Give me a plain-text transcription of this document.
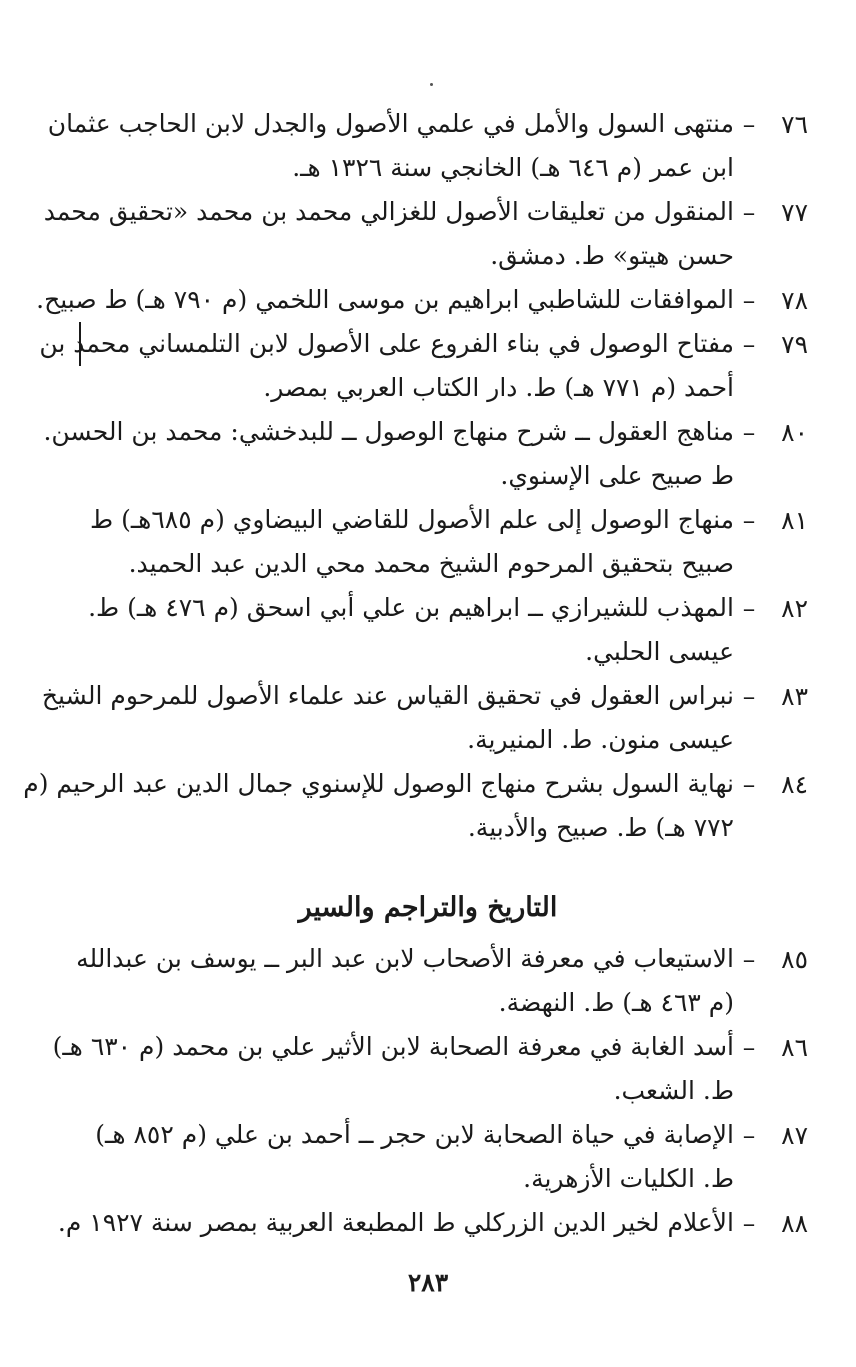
٧٦
–
منتهى السول والأمل في علمي الأصول والجدل لابن الحاجب عثمان
ابن عمر (م ٦٤٦ هـ) الخانجي سنة ١٣٢٦ هـ.
٧٧
–
المنقول من تعليقات الأصول للغزالي محمد بن محمد «تحقيق محمد
حسن هيتو» ط. دمشق.
٧٨
–
الموافقات للشاطبي ابراهيم بن موسى اللخمي (م ٧٩٠ هـ) ط صبيح.
٧٩
–
مفتاح الوصول في بناء الفروع على الأصول لابن التلمساني محمد بن
أحمد (م ٧٧١ هـ) ط. دار الكتاب العربي بمصر.
٨٠
–
مناهج العقول ــ شرح منهاج الوصول ــ للبدخشي: محمد بن الحسن.
ط صبيح على الإسنوي.
٨١
–
منهاج الوصول إلى علم الأصول للقاضي البيضاوي (م ٦٨٥هـ) ط
صبيح بتحقيق المرحوم الشيخ محمد محي الدين عبد الحميد.
٨٢
–
المهذب للشيرازي ــ ابراهيم بن علي أبي اسحق (م ٤٧٦ هـ) ط.
عيسى الحلبي.
٨٣
–
نبراس العقول في تحقيق القياس عند علماء الأصول للمرحوم الشيخ
عيسى منون. ط. المنيرية.
٨٤
–
نهاية السول بشرح منهاج الوصول للإسنوي جمال الدين عبد الرحيم (م
٧٧٢ هـ) ط. صبيح والأدبية.
التاريخ والتراجم والسير
٨٥
–
الاستيعاب في معرفة الأصحاب لابن عبد البر ــ يوسف بن عبدالله
(م ٤٦٣ هـ) ط. النهضة.
٨٦
–
أسد الغابة في معرفة الصحابة لابن الأثير علي بن محمد (م ٦٣٠ هـ)
ط. الشعب.
٨٧
–
الإصابة في حياة الصحابة لابن حجر ــ أحمد بن علي (م ٨٥٢ هـ)
ط. الكليات الأزهرية.
٨٨
–
الأعلام لخير الدين الزركلي ط المطبعة العربية بمصر سنة ١٩٢٧ م.
٢٨٣
